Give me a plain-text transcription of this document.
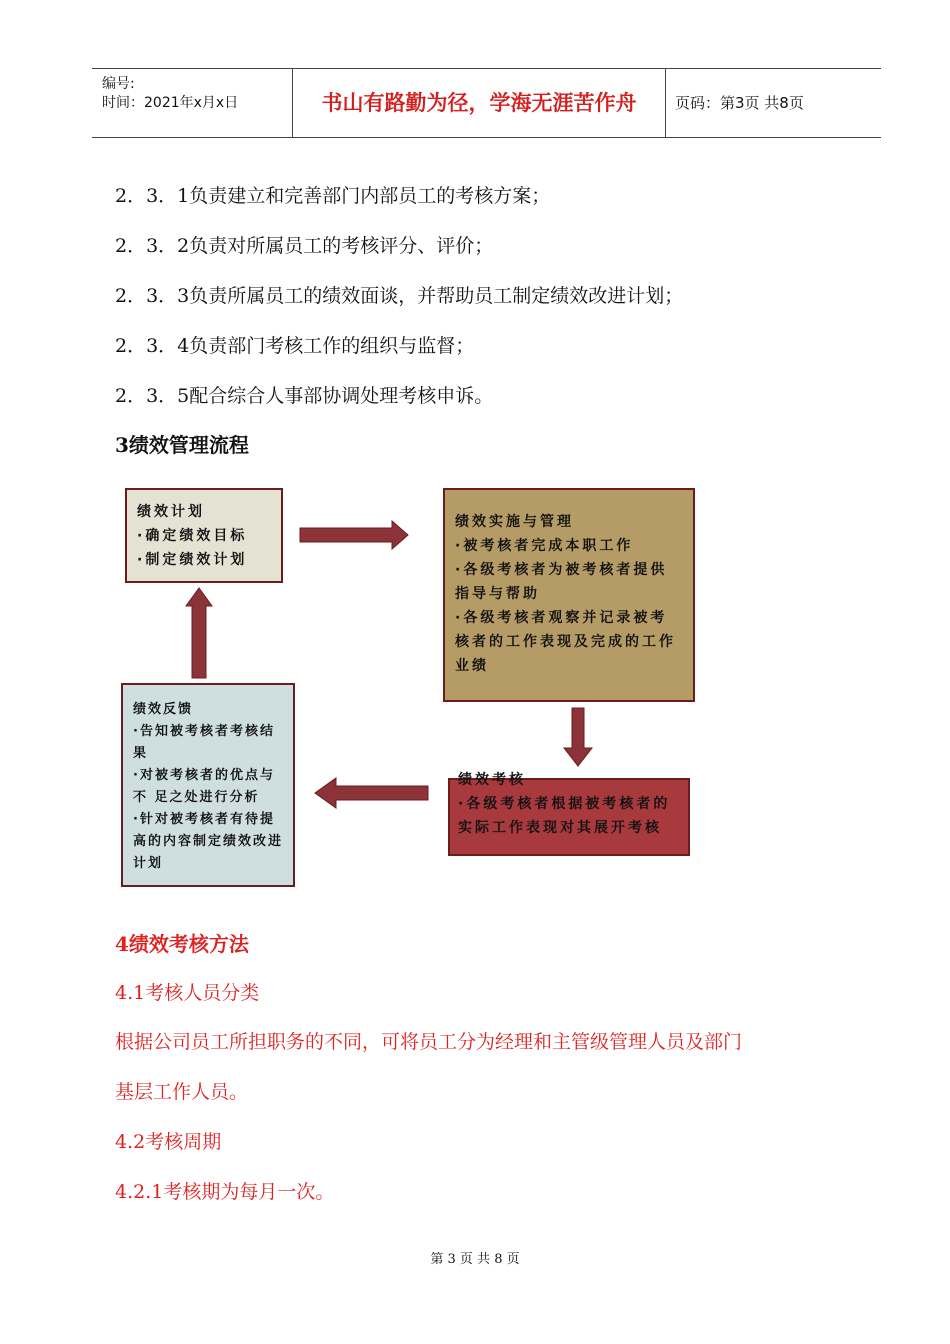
编号:
时间：2021年x月x日	书山有路勤为径，学海无涯苦作舟	页码：第3页 共8页
2．3．1负责建立和完善部门内部员工的考核方案；
2．3．2负责对所属员工的考核评分、评价；
2．3．3负责所属员工的绩效面谈，并帮助员工制定绩效改进计划；
2．3．4负责部门考核工作的组织与监督；
2．3．5配合综合人事部协调处理考核申诉。
3绩效管理流程
绩效计划
·确定绩效目标
·制定绩效计划
绩效实施与管理
·被考核者完成本职工作
·各级考核者为被考核者提供指导与帮助
·各级考核者观察并记录被考核者的工作表现及完成的工作业绩
绩效考核
·各级考核者根据被考核者的实际工作表现对其展开考核
绩效反馈
·告知被考核者考核结果
·对被考核者的优点与不 足之处进行分析
·针对被考核者有待提高的内容制定绩效改进计划
4绩效考核方法
4.1考核人员分类
根据公司员工所担职务的不同，可将员工分为经理和主管级管理人员及部门
基层工作人员。
4.2考核周期
4.2.1考核期为每月一次。
第 3 页 共 8 页
